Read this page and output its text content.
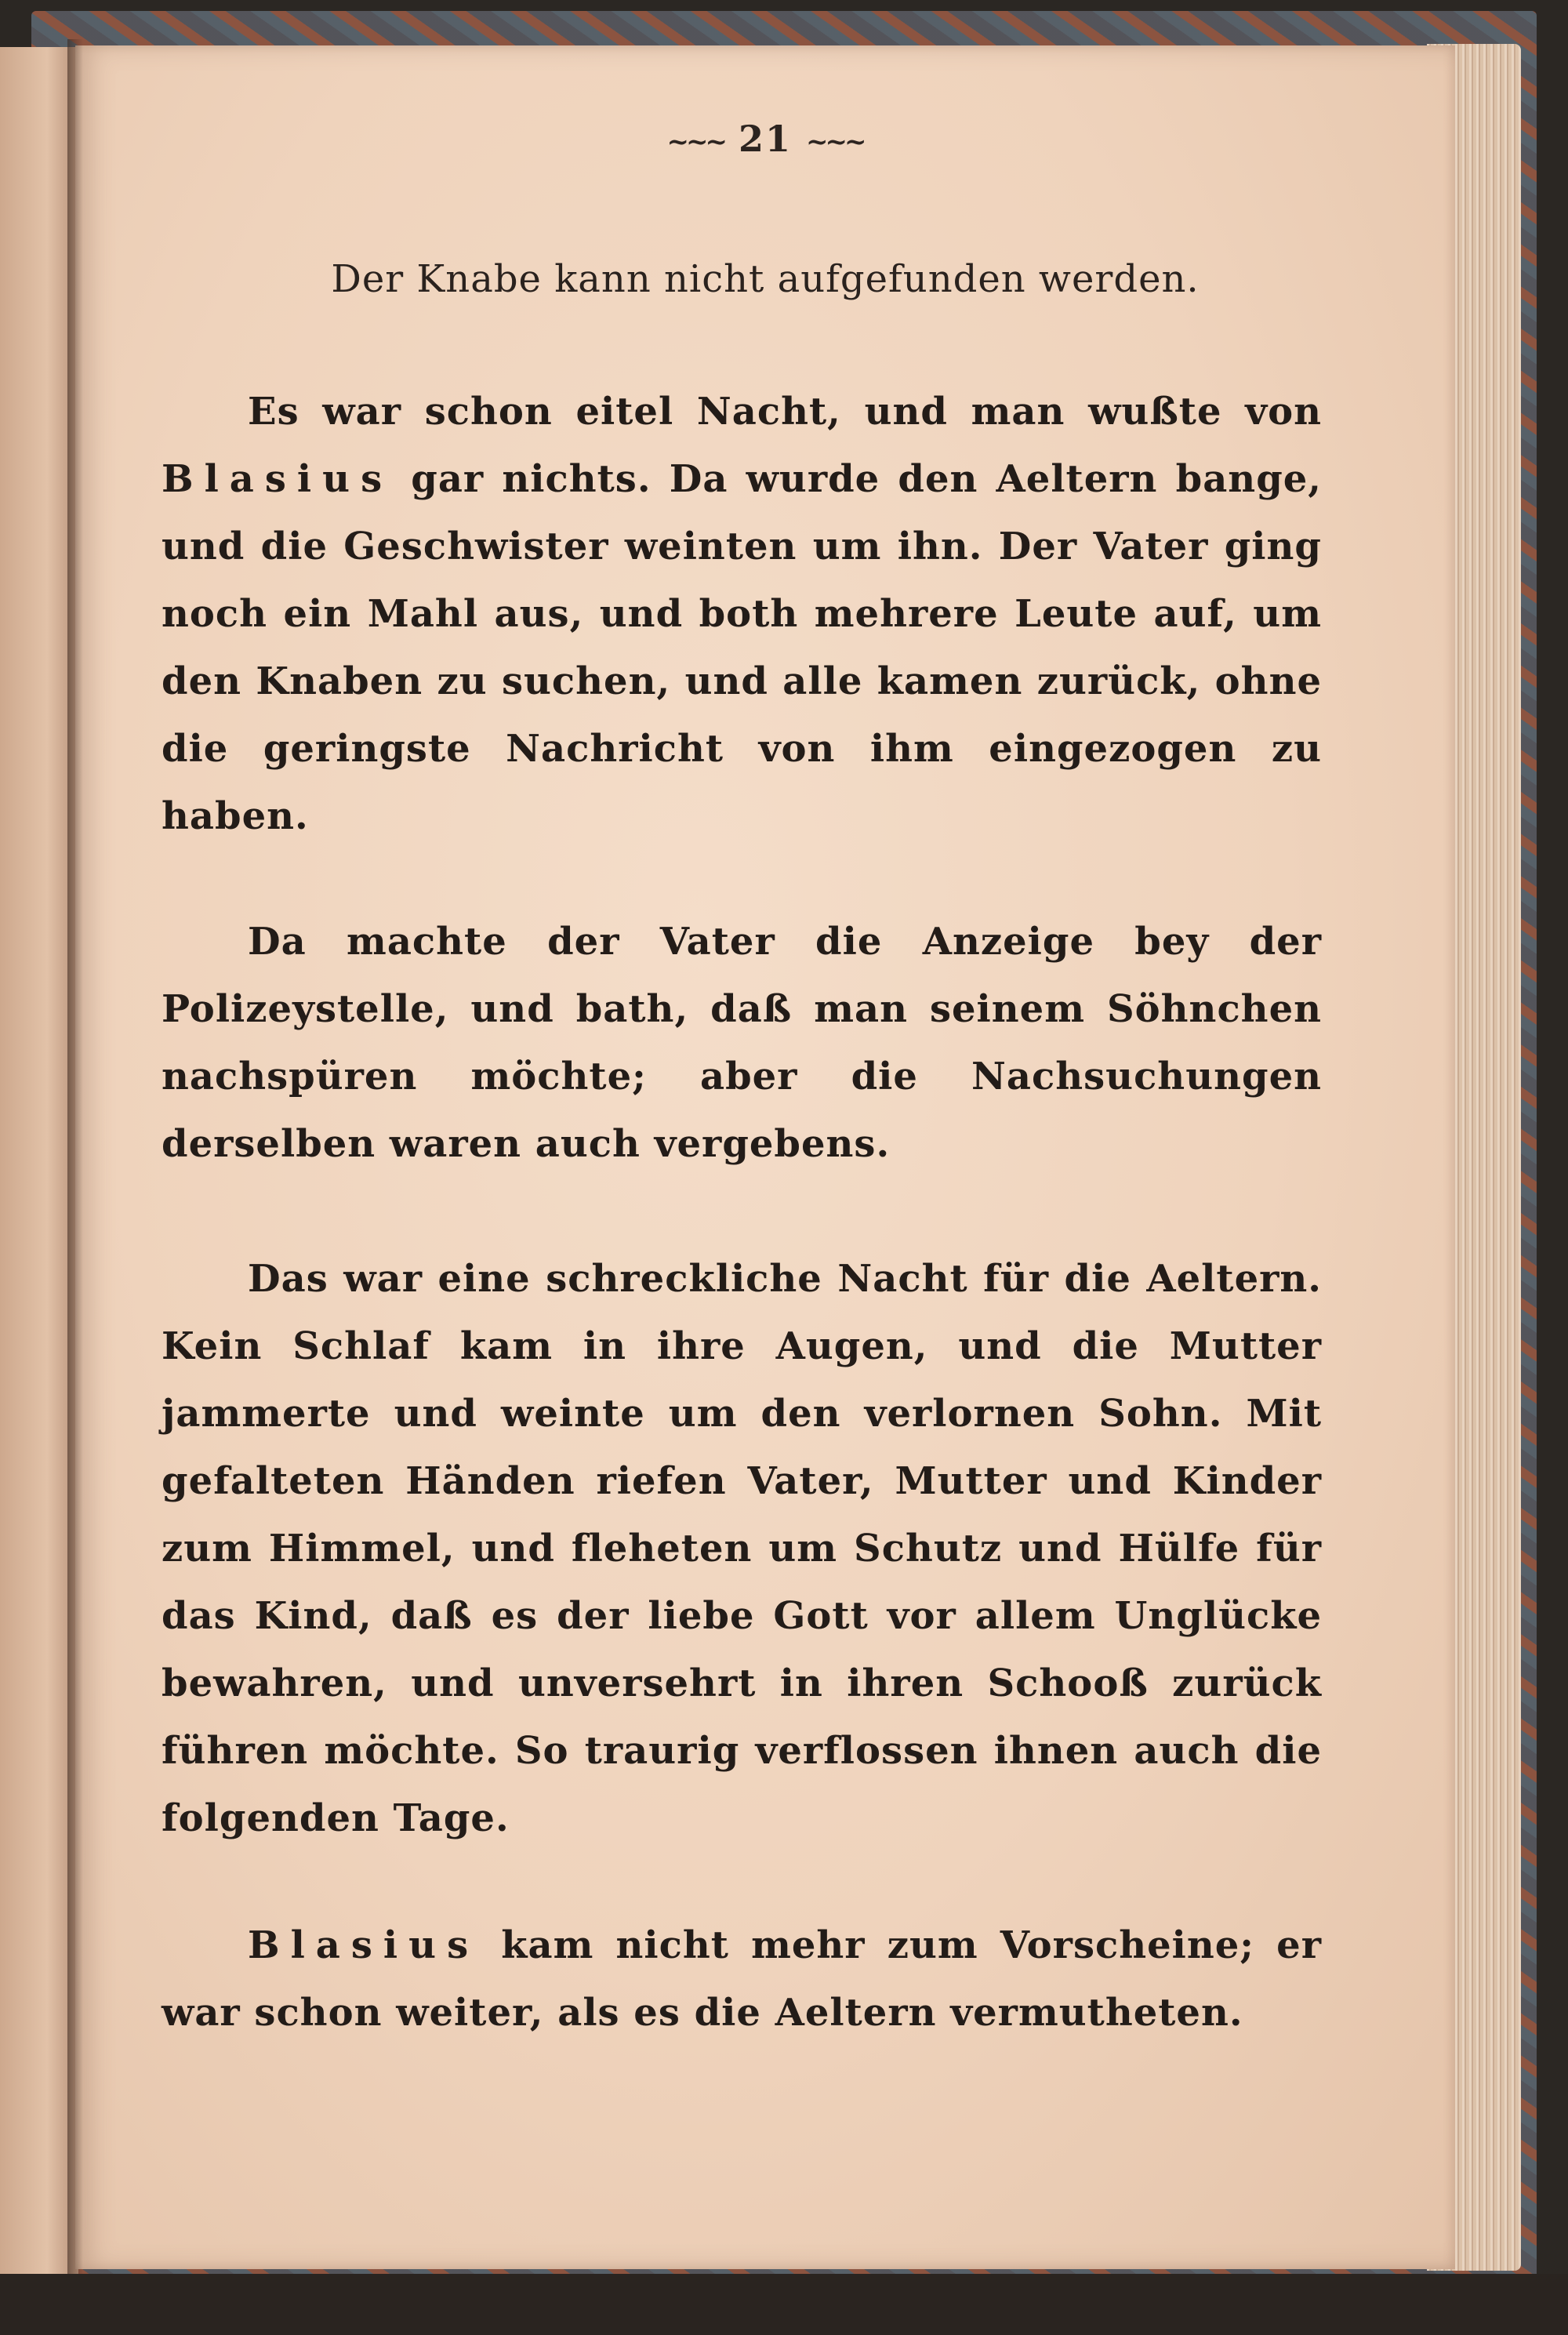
~~~ 21 ~~~
Der Knabe kann nicht aufgefunden werden.

Es war schon eitel Nacht, und man wußte von Blasius gar nichts. Da wurde den Aeltern bange, und die Geschwister weinten um ihn. Der Vater ging noch ein Mahl aus, und both mehrere Leute auf, um den Knaben zu suchen, und alle kamen zurück, ohne die geringste Nachricht von ihm eingezogen zu haben.

Da machte der Vater die Anzeige bey der Polizeystelle, und bath, daß man seinem Söhnchen nachspüren möchte; aber die Nachsuchungen derselben waren auch vergebens.

Das war eine schreckliche Nacht für die Aeltern. Kein Schlaf kam in ihre Augen, und die Mutter jammerte und weinte um den verlornen Sohn. Mit gefalteten Händen riefen Vater, Mutter und Kinder zum Himmel, und fleheten um Schutz und Hülfe für das Kind, daß es der liebe Gott vor allem Unglücke bewahren, und unversehrt in ihren Schooß zurück führen möchte. So traurig verflossen ihnen auch die folgenden Tage.

Blasius kam nicht mehr zum Vorscheine; er war schon weiter, als es die Aeltern vermutheten.
